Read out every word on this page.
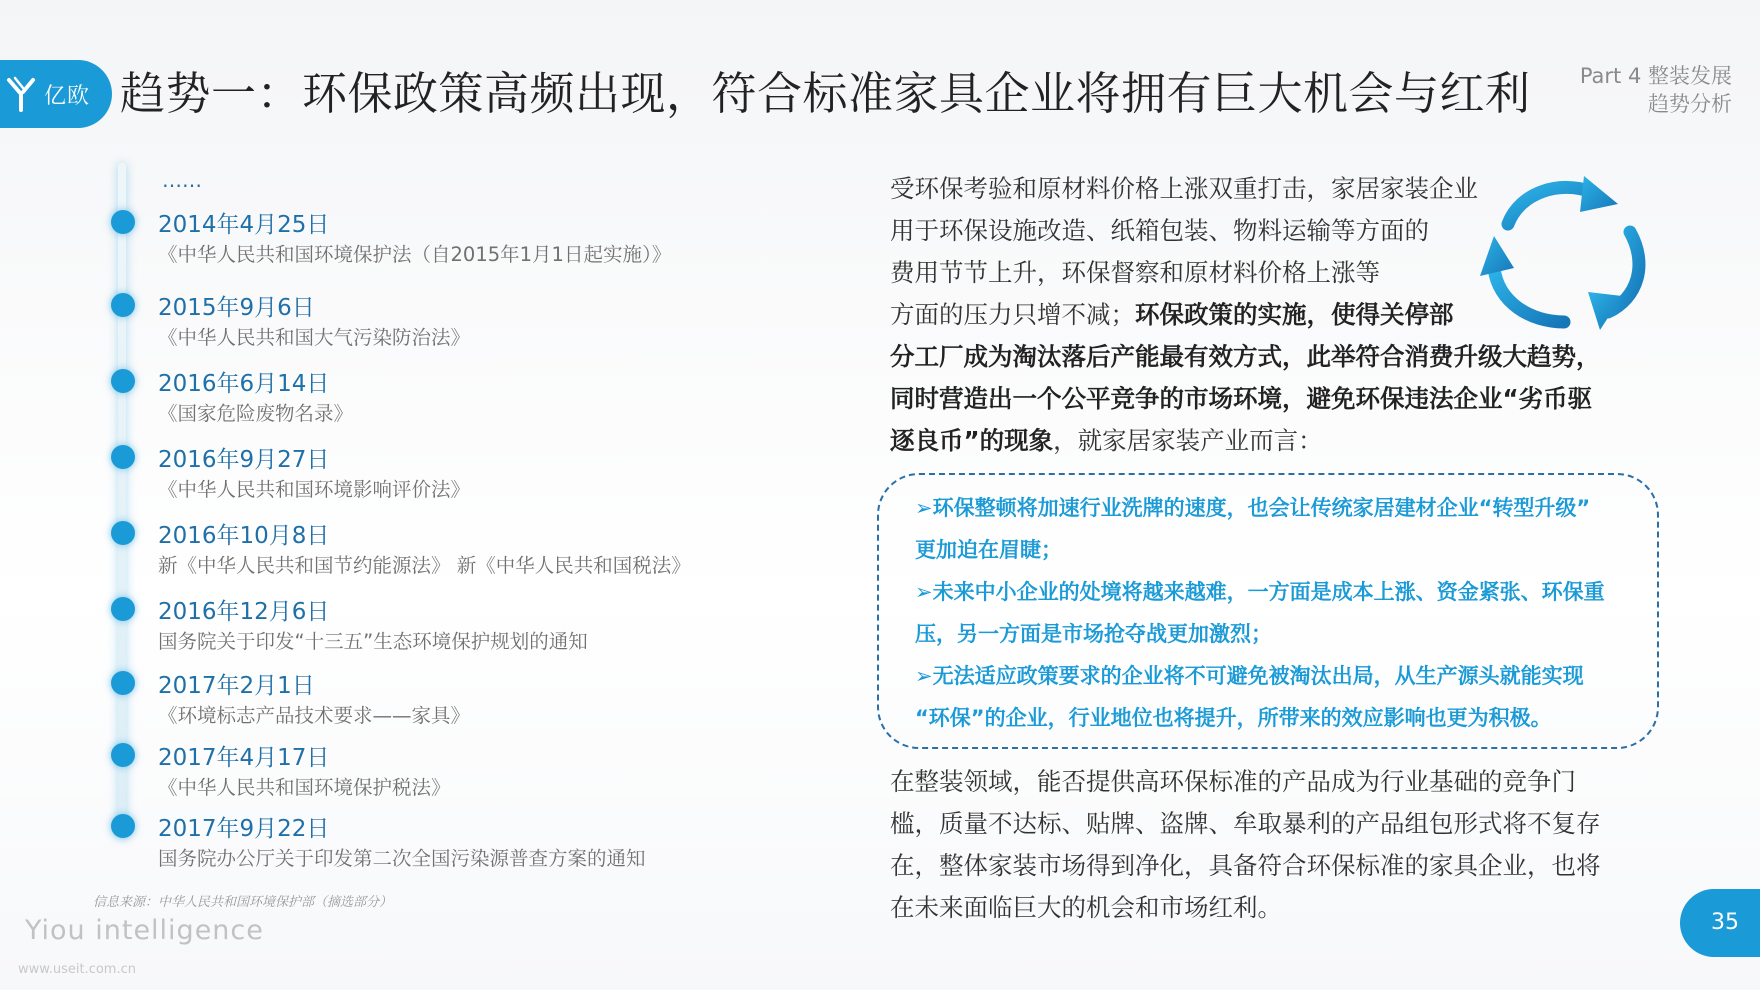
亿欧 趋势一：环保政策高频出现，符合标准家具企业将拥有巨大机会与红利 Part 4 整装发展
趋势分析
……
2014年4月25日
《中华人民共和国环境保护法（自2015年1月1日起实施）》
2015年9月6日
《中华人民共和国大气污染防治法》
2016年6月14日
《国家危险废物名录》
2016年9月27日
《中华人民共和国环境影响评价法》
2016年10月8日
新《中华人民共和国节约能源法》 新《中华人民共和国税法》
2016年12月6日
国务院关于印发“十三五”生态环境保护规划的通知
2017年2月1日
《环境标志产品技术要求——家具》
2017年4月17日
《中华人民共和国环境保护税法》
2017年9月22日
国务院办公厅关于印发第二次全国污染源普查方案的通知
信息来源：中华人民共和国环境保护部（摘选部分）
Yiou intelligence
www.useit.com.cn
受环保考验和原材料价格上涨双重打击，家居家装企业
用于环保设施改造、纸箱包装、物料运输等方面的
费用节节上升，环保督察和原材料价格上涨等
方面的压力只增不减；环保政策的实施，使得关停部
分工厂成为淘汰落后产能最有效方式，此举符合消费升级大趋势，
同时营造出一个公平竞争的市场环境，避免环保违法企业“劣币驱
逐良币”的现象，就家居家装产业而言：
➢环保整顿将加速行业洗牌的速度，也会让传统家居建材企业“转型升级”
更加迫在眉睫；
➢未来中小企业的处境将越来越难，一方面是成本上涨、资金紧张、环保重
压，另一方面是市场抢夺战更加激烈；
➢无法适应政策要求的企业将不可避免被淘汰出局，从生产源头就能实现
“环保”的企业，行业地位也将提升，所带来的效应影响也更为积极。
在整装领域，能否提供高环保标准的产品成为行业基础的竞争门
槛，质量不达标、贴牌、盗牌、牟取暴利的产品组包形式将不复存
在，整体家装市场得到净化，具备符合环保标准的家具企业，也将
在未来面临巨大的机会和市场红利。
35
